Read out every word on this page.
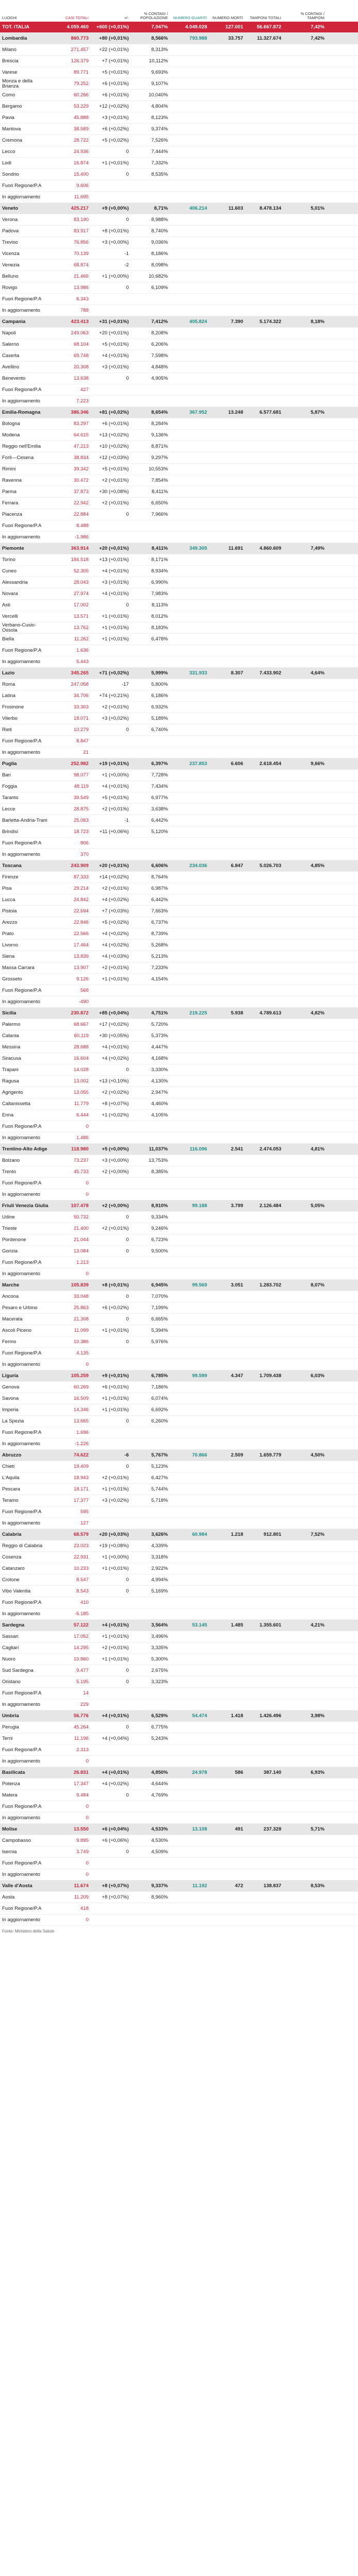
LUOGHI	CASI TOTALI	+/-	% CONTAGI / POPOLAZIONE	NUMERO GUARITI	NUMERO MORTI	TAMPONI TOTALI	% CONTAGI / TAMPONI	
TOT. ITALIA	4.059.460	+600 (+0,01%)	7,047%	4.049.028	127.001	56.667.872	7,42%	
Lombardia	860.773	+80 (+0,01%)	8,566%	793.988	33.757	11.327.674	7,42%	
Milano	271.457	+22 (+0,01%)	8,313%					
Brescia	126.379	+7 (+0,01%)	10,112%					
Varese	89.771	+5 (+0,01%)	9,693%					
Monza e della Brianza	79.252	+6 (+0,01%)	9,107%					
Como	60.266	+6 (+0,01%)	10,040%					
Bergamo	53.229	+12 (+0,02%)	4,804%					
Pavia	45.888	+3 (+0,01%)	8,123%					
Mantova	38.589	+6 (+0,02%)	9,374%					
Cremona	28.722	+5 (+0,02%)	7,526%					
Lecco	24.936	0	7,444%					
Lodi	16.874	+1 (+0,01%)	7,332%					
Sondrio	15.400	0	8,535%					
Fuori Regione/P.A	9.606							
In aggiornamento	11.695							
Veneto	425.217	+9 (+0,00%)	8,71%	406.214	11.603	8.478.134	5,01%	
Verona	83.190	0	8,988%					
Padova	83.917	+8 (+0,01%)	8,740%					
Treviso	76.856	+3 (+0,00%)	9,036%					
Vicenza	70.139	-1	8,186%					
Venezia	68.874	-2	8,098%					
Belluno	21.466	+1 (+0,00%)	10,682%					
Rovigo	13.986	0	6,109%					
Fuori Regione/P.A	6.343							
In aggiornamento	788							
Campania	423.413	+31 (+0,01%)	7,412%	405.824	7.390	5.174.322	8,18%	
Napoli	249.063	+20 (+0,01%)	8,208%					
Salerno	68.104	+5 (+0,01%)	6,206%					
Caserta	69.748	+4 (+0,01%)	7,598%					
Avellino	20.308	+3 (+0,01%)	4,848%					
Benevento	13.638	0	4,905%					
Fuori Regione/P.A	427							
In aggiornamento	7.223							
Emilia-Romagna	386.346	+81 (+0,02%)	8,654%	367.952	13.248	6.577.681	5,87%	
Bologna	83.297	+6 (+0,01%)	8,284%					
Modena	64.615	+13 (+0,02%)	9,136%					
Reggio nell'Emilia	47.213	+10 (+0,02%)	8,871%					
Forlì—Cesena	38.834	+12 (+0,03%)	9,297%					
Rimini	39.342	+5 (+0,01%)	10,553%					
Ravenna	30.472	+2 (+0,01%)	7,854%					
Parma	37.873	+30 (+0,08%)	8,411%					
Ferrara	22.942	+2 (+0,01%)	6,650%					
Piacenza	22.884	0	7,966%					
Fuori Regione/P.A	8.488							
In aggiornamento	-1.986							
Piemonte	363.914	+20 (+0,01%)	8,411%	349.305	11.691	4.860.609	7,49%	
Torino	184.518	+13 (+0,01%)	8,171%					
Cuneo	52.305	+4 (+0,01%)	8,934%					
Alessandria	28.043	+3 (+0,01%)	6,990%					
Novara	27.974	+4 (+0,01%)	7,983%					
Asti	17.002	0	8,113%					
Vercelli	13.571	+1 (+0,01%)	8,012%					
Verbano-Cusio-Ossola	13.762	+1 (+0,01%)	8,183%					
Biella	11.262	+1 (+0,01%)	6,478%					
Fuori Regione/P.A	1.636							
In aggiornamento	5.443							
Lazio	345.265	+71 (+0,02%)	5,999%	331.933	8.307	7.433.902	4,64%	
Roma	247.058	-17	5,800%					
Latina	34.706	+74 (+0,21%)	6,186%					
Frosinone	33.303	+2 (+0,01%)	6,932%					
Viterbo	18.071	+3 (+0,02%)	5,189%					
Rieti	10.279	0	6,740%					
Fuori Regione/P.A	8.847							
In aggiornamento	21							
Puglia	252.982	+19 (+0,01%)	6,397%	237.853	6.606	2.618.454	9,66%	
Bari	98.077	+1 (+0,00%)	7,728%					
Foggia	48.119	+4 (+0,01%)	7,434%					
Taranto	39.549	+5 (+0,01%)	6,977%					
Lecce	28.875	+2 (+0,01%)	3,638%					
Barletta-Andria-Trani	25.063	-1	6,442%					
Brindisi	18.723	+11 (+0,06%)	5,120%					
Fuori Regione/P.A	806							
In aggiornamento	370							
Toscana	243.909	+20 (+0,01%)	6,606%	234.036	6.847	5.026.703	4,85%	
Firenze	87.333	+14 (+0,02%)	8,764%					
Pisa	29.214	+2 (+0,01%)	6,987%					
Lucca	24.842	+4 (+0,02%)	6,442%					
Pistoia	22.694	+7 (+0,03%)	7,663%					
Arezzo	22.846	+5 (+0,02%)	6,737%					
Prato	22.566	+4 (+0,02%)	8,739%					
Livorno	17.464	+4 (+0,02%)	5,268%					
Siena	13.839	+4 (+0,03%)	5,213%					
Massa Carrara	13.907	+2 (+0,01%)	7,233%					
Grosseto	9.126	+1 (+0,01%)	4,154%					
Fuori Regione/P.A	568							
In aggiornamento	-490							
Sicilia	230.872	+85 (+0,04%)	4,751%	219.225	5.938	4.789.613	4,82%	
Palermo	68.667	+17 (+0,02%)	5,720%					
Catania	60.119	+30 (+0,05%)	5,373%					
Messina	28.688	+4 (+0,01%)	4,447%					
Siracusa	16.604	+4 (+0,02%)	4,168%					
Trapani	14.028	0	3,330%					
Ragusa	13.002	+13 (+0,10%)	4,130%					
Agrigento	13.055	+2 (+0,02%)	2,947%					
Caltanissetta	11.779	+8 (+0,07%)	4,460%					
Enna	6.444	+1 (+0,02%)	4,105%					
Fuori Regione/P.A	0							
In aggiornamento	1.486							
Trentino-Alto Adige	118.980	+5 (+0,00%)	11,037%	116.096	2.541	2.474.053	4,81%	
Bolzano	73.237	+3 (+0,00%)	13,753%					
Trento	45.733	+2 (+0,00%)	8,385%					
Fuori Regione/P.A	0							
In aggiornamento	0							
Friuli Venezia Giulia	107.478	+2 (+0,00%)	8,910%	99.188	3.799	2.126.484	5,05%	
Udine	50.732	0	9,334%					
Trieste	21.400	+2 (+0,01%)	9,246%					
Pordenone	21.044	0	6,723%					
Gorizia	13.084	0	9,500%					
Fuori Regione/P.A	1.213							
In aggiornamento	0							
Marche	105.839	+8 (+0,01%)	6,945%	99.569	3.051	1.283.702	8,07%	
Ancona	33.048	0	7,070%					
Pesaro e Urbino	25.863	+6 (+0,02%)	7,199%					
Macerata	21.308	0	6,665%					
Ascoli Piceno	11.099	+1 (+0,01%)	5,394%					
Fermo	10.386	0	5,976%					
Fuori Regione/P.A	4.135							
In aggiornamento	0							
Liguria	105.259	+9 (+0,01%)	6,785%	99.599	4.347	1.709.438	6,03%	
Genova	60.269	+6 (+0,01%)	7,186%					
Savona	16.509	+1 (+0,01%)	6,074%					
Imperia	14.346	+1 (+0,01%)	6,692%					
La Spezia	13.665	0	6,260%					
Fuori Regione/P.A	1.696							
In aggiornamento	-1.226							
Abruzzo	74.622	-6	5,767%	70.866	2.509	1.659.779	4,50%	
Chieti	19.409	0	5,123%					
L'Aquila	18.943	+2 (+0,01%)	6,427%					
Pescara	18.171	+1 (+0,01%)	5,744%					
Teramo	17.377	+3 (+0,02%)	5,718%					
Fuori Regione/P.A	595							
In aggiornamento	127							
Calabria	68.579	+20 (+0,03%)	3,626%	60.984	1.218	912.801	7,52%	
Reggio di Calabria	23.023	+19 (+0,08%)	4,339%					
Cosenza	22.931	+1 (+0,00%)	3,318%					
Catanzaro	10.233	+1 (+0,01%)	2,922%					
Crotone	8.547	0	4,994%					
Vibo Valentia	8.543	0	5,169%					
Fuori Regione/P.A	410							
In aggiornamento	-5.185							
Sardegna	57.122	+4 (+0,01%)	3,564%	53.145	1.485	1.355.601	4,21%	
Sassari	17.052	+1 (+0,01%)	3,496%					
Cagliari	14.295	+2 (+0,01%)	3,335%					
Nuoro	10.860	+1 (+0,01%)	5,300%					
Sud Sardegna	9.477	0	2,675%					
Oristano	5.195	0	3,323%					
Fuori Regione/P.A	14							
In aggiornamento	229							
Umbria	56.776	+4 (+0,01%)	6,529%	54.474	1.418	1.426.496	3,98%	
Perugia	45.264	0	6,775%					
Terni	11.196	+4 (+0,04%)	5,243%					
Fuori Regione/P.A	2.313							
In aggiornamento	0							
Basilicata	26.831	+4 (+0,01%)	4,850%	24.978	586	387.140	6,93%	
Potenza	17.347	+4 (+0,02%)	4,644%					
Matera	9.484	0	4,769%					
Fuori Regione/P.A	0							
In aggiornamento	0							
Molise	13.550	+6 (+0,04%)	4,533%	13.108	491	237.328	5,71%	
Campobasso	9.895	+6 (+0,06%)	4,530%					
Isernia	3.749	0	4,509%					
Fuori Regione/P.A	0							
In aggiornamento	0							
Valle d'Aosta	11.674	+8 (+0,07%)	9,337%	11.192	472	138.837	8,53%	
Aosta	11.209	+8 (+0,07%)	8,960%					
Fuori Regione/P.A	418							
In aggiornamento	0							
Fonte: Ministero della Salute
